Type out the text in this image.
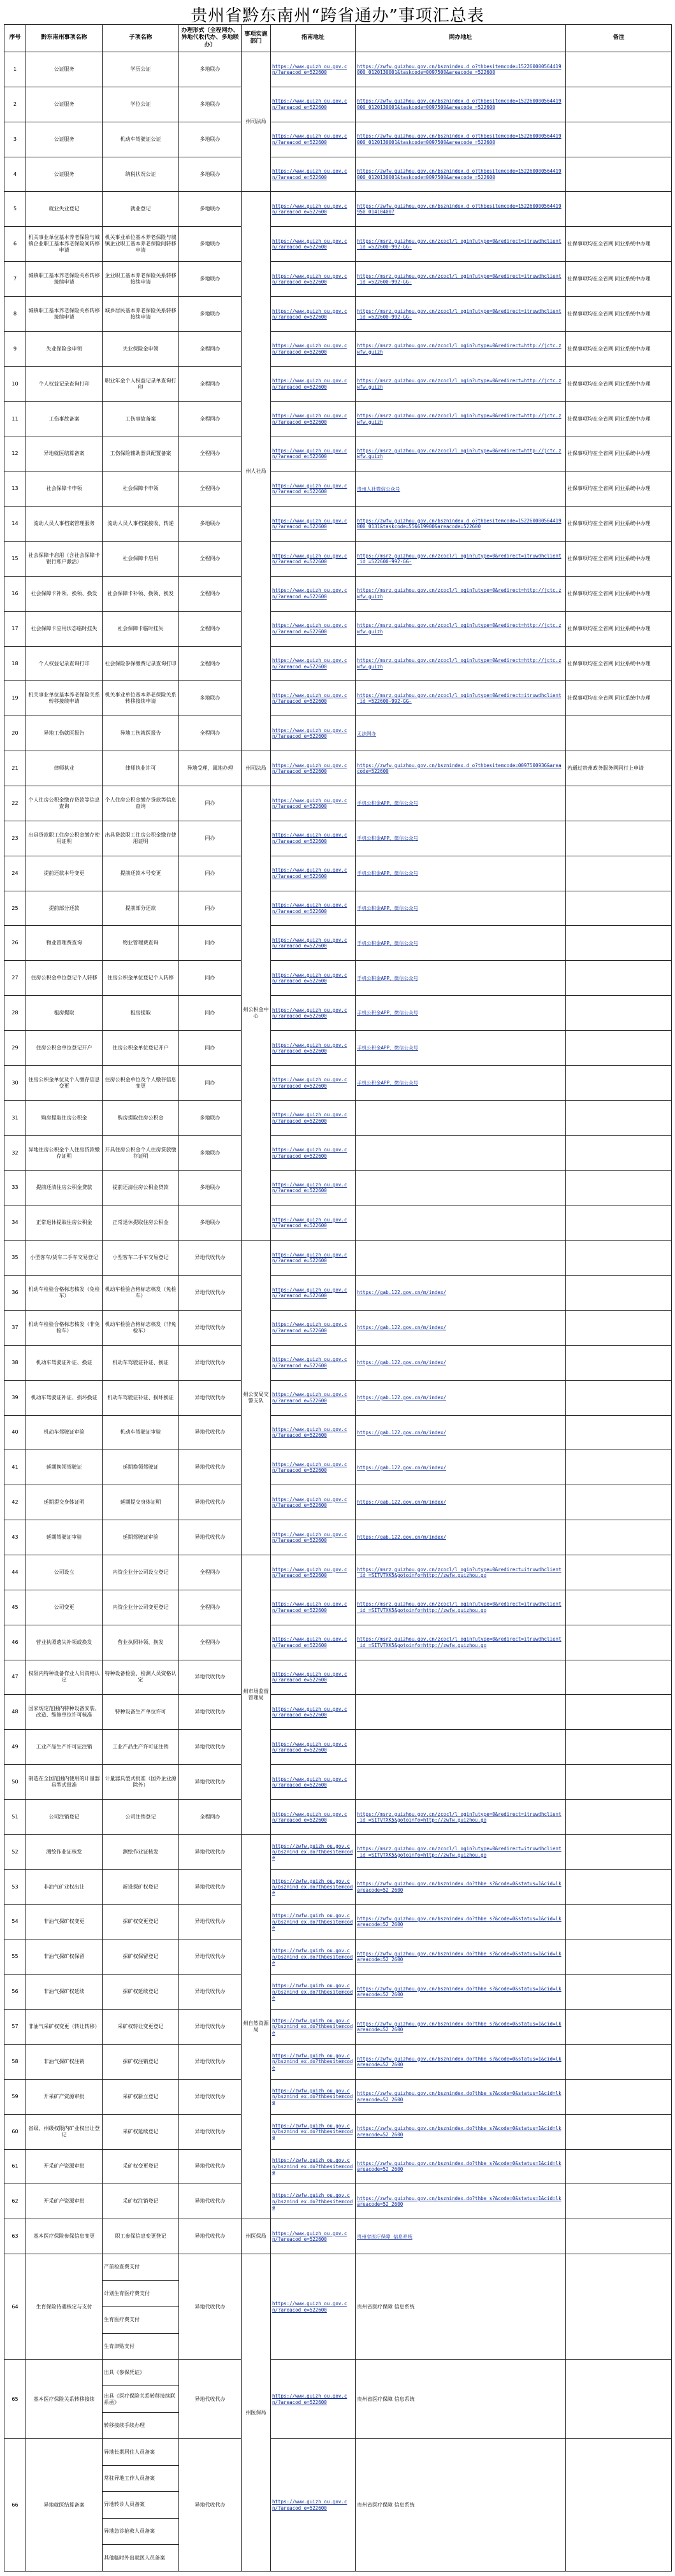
贵州省黔东南州“跨省通办”事项汇总表
序号	黔东南州事项名称	子项名称	办理形式（全程网办、异地代收代办、多地联办）	事项实施部门	指南地址	网办地址	备注
1	公证服务	学历公证	多地联办	州司法局	https://www.guizh ou.gov.cn/?areacod e=522600	https://zwfw.guizhou.gov.cn/bsznindex.d o?thbesitemcode=152260000564419000 0120130001&taskcode=0097500&areacode =522600	
2	公证服务	学位公证	多地联办		https://www.guizh ou.gov.cn/?areacod e=522600	https://zwfw.guizhou.gov.cn/bsznindex.d o?thbesitemcode=152260000564419000 0120130001&taskcode=0097500&areacode =522600	
3	公证服务	机动车驾驶证公证	多地联办		https://www.guizh ou.gov.cn/?areacod e=522600	https://zwfw.guizhou.gov.cn/bsznindex.d o?thbesitemcode=152260000564419000 0120130001&taskcode=0097500&areacode =522600	
4	公证服务	纳税状况公证	多地联办		https://www.guizh ou.gov.cn/?areacod e=522600	https://zwfw.guizhou.gov.cn/bsznindex.d o?thbesitemcode=152260000564419000 0120130001&taskcode=0097500&areacode =522600	
5	就业失业登记	就业登记	多地联办	州人社局	https://www.guizh ou.gov.cn/?areacod e=522600	https://zwfw.guizhou.gov.cn/bsznindex.d o?thbesitemcode=152260000564419950 014104007	
6	机关事业单位基本养老保险与城镇企业职工基本养老保险间转移申请	机关事业单位基本养老保险与城镇企业职工基本养老保险间转移申请	多地联办		https://www.guizh ou.gov.cn/?areacod e=522600	https://msrz.guizhou.gov.cn/zcocl/l ogin?utype=0&redirect=itruwdhclient_id =522600-992-GG-	社保事项均在全省网 同业系统中办理
7	城镇职工基本养老保险关系转移接续申请	企业职工基本养老保险关系转移接续申请	多地联办		https://www.guizh ou.gov.cn/?areacod e=522600	https://msrz.guizhou.gov.cn/zcocl/l ogin?utype=0&redirect=itruwdhclient_id =522600-992-GG-	社保事项均在全省网 同业系统中办理
8	城镇职工基本养老保险关系转移接续申请	城乡居民基本养老保险关系转移接续申请	多地联办		https://www.guizh ou.gov.cn/?areacod e=522600	https://msrz.guizhou.gov.cn/zcocl/l ogin?utype=0&redirect=itruwdhclient_id =522600-992-GG-	社保事项均在全省网 同业系统中办理
9	失业保险金申领	失业保险金申领	全程网办		https://www.guizh ou.gov.cn/?areacod e=522600	https://msrz.guizhou.gov.cn/zcocl/l ogin?utype=0&redirect=http://jctc.zwfw.guizh	社保事项均在全省网 同业系统中办理
10	个人权益记录查询打印	职业年金个人权益记录单查询打印	全程网办		https://www.guizh ou.gov.cn/?areacod e=522600	https://msrz.guizhou.gov.cn/zcocl/l ogin?utype=0&redirect=http://jctc.zwfw.guizh	社保事项均在全省网 同业系统中办理
11	工伤事故备案	工伤事故备案	全程网办		https://www.guizh ou.gov.cn/?areacod e=522600	https://msrz.guizhou.gov.cn/zcocl/l ogin?utype=0&redirect=http://jctc.zwfw.guizh	社保事项均在全省网 同业系统中办理
12	异地就医结算备案	工伤保险辅助器具配置备案	全程网办		https://www.guizh ou.gov.cn/?areacod e=522600	https://msrz.guizhou.gov.cn/zcocl/l ogin?utype=0&redirect=http://jctc.zwfw.guizh	社保事项均在全省网 同业系统中办理
13	社会保障卡申领	社会保障卡申领	全程网办		https://www.guizh ou.gov.cn/?areacod e=522600	贵州人社微信公众号	社保事项均在全省网 同业系统中办理
14	流动人员人事档案管理服务	流动人员人事档案接收、转递	多地联办		https://www.guizh ou.gov.cn/?areacod e=522600	https://zwfw.guizhou.gov.cn/bsznindex.d o?thbesitemcode=152260000564419000 0131&taskcode=556619900&areacode=522600	社保事项均在全省网 同业系统中办理
15	社会保障卡启用（含社会保障卡银行账户激活）	社会保障卡启用	全程网办		https://www.guizh ou.gov.cn/?areacod e=522600	https://msrz.guizhou.gov.cn/zcocl/l ogin?utype=0&redirect=itruwdhclient_id =522600-992-GG-	社保事项均在全省网 同业系统中办理
16	社会保障卡补领、换领、换发	社会保障卡补领、换领、换发	全程网办		https://www.guizh ou.gov.cn/?areacod e=522600	https://msrz.guizhou.gov.cn/zcocl/l ogin?utype=0&redirect=http://jctc.zwfw.guizh	社保事项均在全省网 同业系统中办理
17	社会保障卡应用状态临时挂失	社会保障卡临时挂失	全程网办		https://www.guizh ou.gov.cn/?areacod e=522600	https://msrz.guizhou.gov.cn/zcocl/l ogin?utype=0&redirect=http://jctc.zwfw.guizh	社保事项均在全省网 同业系统中办理
18	个人权益记录查询打印	社会保险参保缴费记录查询打印	全程网办		https://www.guizh ou.gov.cn/?areacod e=522600	https://msrz.guizhou.gov.cn/zcocl/l ogin?utype=0&redirect=http://jctc.zwfw.guizh	社保事项均在全省网 同业系统中办理
19	机关事业单位基本养老保险关系转移接续申请	机关事业单位基本养老保险关系转移接续申请	多地联办		https://www.guizh ou.gov.cn/?areacod e=522600	https://msrz.guizhou.gov.cn/zcocl/l ogin?utype=0&redirect=itruwdhclient_id =522600-992-GG-	社保事项均在全省网 同业系统中办理
20	异地工伤就医报告	异地工伤就医报告	全程网办		https://www.guizh ou.gov.cn/?areacod e=522600	无法网办	
21	律师执业	律师执业许可	异地受理，属地办理	州司法局	https://www.guizh ou.gov.cn/?areacod e=522600	https://zwfw.guizhou.gov.cn/bsznindex.d o?thbesitemcode=0097500936&areacode=522600	若通过贵州政务服务网同行上申请
22	个人住房公积金缴存贷款等信息查询	个人住房公积金缴存贷款等信息查询	同办	州公积金中心	https://www.guizh ou.gov.cn/?areacod e=522600	手机公积金APP、微信公众号	
23	出具贷款职工住房公积金缴存使用证明	出具贷款职工住房公积金缴存使用证明	同办		https://www.guizh ou.gov.cn/?areacod e=522600	手机公积金APP、微信公众号	
24	提前还款本号变更	提前还款本号变更	同办		https://www.guizh ou.gov.cn/?areacod e=522600	手机公积金APP、微信公众号	
25	提前部分还款	提前部分还款	同办		https://www.guizh ou.gov.cn/?areacod e=522600	手机公积金APP、微信公众号	
26	物业管理费查询	物业管理费查询	同办		https://www.guizh ou.gov.cn/?areacod e=522600	手机公积金APP、微信公众号	
27	住房公积金单位登记个人转移	住房公积金单位登记个人转移	同办		https://www.guizh ou.gov.cn/?areacod e=522600	手机公积金APP、微信公众号	
28	租房提取	租房提取	同办		https://www.guizh ou.gov.cn/?areacod e=522600	手机公积金APP、微信公众号	
29	住房公积金单位登记开户	住房公积金单位登记开户	同办		https://www.guizh ou.gov.cn/?areacod e=522600	手机公积金APP、微信公众号	
30	住房公积金单位及个人缴存信息变更	住房公积金单位及个人缴存信息变更	同办		https://www.guizh ou.gov.cn/?areacod e=522600	手机公积金APP、微信公众号	
31	购房提取住房公积金	购房提取住房公积金	多地联办		https://www.guizh ou.gov.cn/?areacod e=522600		
32	异地住房公积金个人住房贷款缴存证明	开具住房公积金个人住房贷款缴存证明	多地联办		https://www.guizh ou.gov.cn/?areacod e=522600		
33	提前还清住房公积金贷款	提前还清住房公积金贷款	多地联办		https://www.guizh ou.gov.cn/?areacod e=522600		
34	正常退休提取住房公积金	正常退休提取住房公积金	多地联办		https://www.guizh ou.gov.cn/?areacod e=522600		
35	小型客车/货车二手车交易登记	小型客车二手车交易登记	异地代收代办	州公安局交警支队	https://www.guizh ou.gov.cn/?areacod e=522600		
36	机动车检验合格标志核发（免检车）	机动车检验合格标志核发（免检车）	异地代收代办		https://www.guizh ou.gov.cn/?areacod e=522600	https://gab.122.gov.cn/m/index/	
37	机动车检验合格标志核发（非免检车）	机动车检验合格标志核发（非免检车）	异地代收代办		https://www.guizh ou.gov.cn/?areacod e=522600	https://gab.122.gov.cn/m/index/	
38	机动车驾驶证补证、换证	机动车驾驶证补证、换证	异地代收代办		https://www.guizh ou.gov.cn/?areacod e=522600	https://gab.122.gov.cn/m/index/	
39	机动车驾驶证补证、损坏换证	机动车驾驶证补证、损坏换证	异地代收代办		https://www.guizh ou.gov.cn/?areacod e=522600	https://gab.122.gov.cn/m/index/	
40	机动车驾驶证审验	机动车驾驶证审验	异地代收代办		https://www.guizh ou.gov.cn/?areacod e=522600	https://gab.122.gov.cn/m/index/	
41	延期换领驾驶证	延期换领驾驶证	异地代收代办		https://www.guizh ou.gov.cn/?areacod e=522600	https://gab.122.gov.cn/m/index/	
42	延期提交身体证明	延期提交身体证明	异地代收代办		https://www.guizh ou.gov.cn/?areacod e=522600	https://gab.122.gov.cn/m/index/	
43	延期驾驶证审验	延期驾驶证审验	异地代收代办		https://www.guizh ou.gov.cn/?areacod e=522600	https://gab.122.gov.cn/m/index/	
44	公司设立	内资企业分公司设立登记	全程网办	州市场监督管理局	https://www.guizh ou.gov.cn/?areacod e=522600	https://msrz.guizhou.gov.cn/zcocl/l ogin?utype=0&redirect=itruwdhclient_id =SITVTXK5&gotoinfo=http://zwfw.guizhou.go	
45	公司变更	内资企业分公司变更登记	全程网办		https://www.guizh ou.gov.cn/?areacod e=522600	https://msrz.guizhou.gov.cn/zcocl/l ogin?utype=0&redirect=itruwdhclient_id =SITVTXK5&gotoinfo=http://zwfw.guizhou.go	
46	营业执照遗失补领或换发	营业执照补领、换发	全程网办		https://www.guizh ou.gov.cn/?areacod e=522600	https://msrz.guizhou.gov.cn/zcocl/l ogin?utype=0&redirect=itruwdhclient_id =SITVTXK5&gotoinfo=http://zwfw.guizhou.go	
47	权限内特种设备作业人员资格认定	特种设备检验、检测人员资格认定	异地代收代办		https://www.guizh ou.gov.cn/?areacod e=522600		
48	国家规定范围内特种设备安装、改造、维修单位许可核准	特种设备生产单位许可	异地代收代办		https://www.guizh ou.gov.cn/?areacod e=522600		
49	工业产品生产许可证注销	工业产品生产许可证注销	异地代收代办		https://www.guizh ou.gov.cn/?areacod e=522600		
50	制造在全国范围内使用的计量器具型式批准	计量器具型式批准（国外企业源除外）	异地代收代办		https://www.guizh ou.gov.cn/?areacod e=522600		
51	公司注销登记	公司注销登记	全程网办		https://www.guizh ou.gov.cn/?areacod e=522600	https://msrz.guizhou.gov.cn/zcocl/l ogin?utype=0&redirect=itruwdhclient_id =SITVTXK5&gotoinfo=http://zwfw.guizhou.go	
52	测绘作业证核发	测绘作业证核发	异地代收代办	州自然资源局	https://zwfw.guizh ou.gov.cn/bsznind ex.do?thbesitemcode	https://msrz.guizhou.gov.cn/zcocl/l ogin?utype=0&redirect=itruwdhclient_id =SITVTXK5&gotoinfo=http://zwfw.guizhou.go	
53	非油气矿业权出让	新设探矿权登记	异地代收代办		https://zwfw.guizh ou.gov.cn/bsznind ex.do?thbesitemcode	https://zwfw.guizhou.gov.cn/bsznindex.do?thbe s?&code=0&status=1&cid=lkareacode=52 2600	
54	非油气探矿权变更	探矿权变更登记	异地代收代办		https://zwfw.guizh ou.gov.cn/bsznind ex.do?thbesitemcode	https://zwfw.guizhou.gov.cn/bsznindex.do?thbe s?&code=0&status=1&cid=lkareacode=52 2600	
55	非油气探矿权保留	探矿权保留登记	异地代收代办		https://zwfw.guizh ou.gov.cn/bsznind ex.do?thbesitemcode	https://zwfw.guizhou.gov.cn/bsznindex.do?thbe s?&code=0&status=1&cid=lkareacode=52 2600	
56	非油气探矿权延续	探矿权延续登记	异地代收代办		https://zwfw.guizh ou.gov.cn/bsznind ex.do?thbesitemcode	https://zwfw.guizhou.gov.cn/bsznindex.do?thbe s?&code=0&status=1&cid=lkareacode=52 2600	
57	非油气采矿权变更（转让转移）	采矿权转让变更登记	异地代收代办		https://zwfw.guizh ou.gov.cn/bsznind ex.do?thbesitemcode	https://zwfw.guizhou.gov.cn/bsznindex.do?thbe s?&code=0&status=1&cid=lkareacode=52 2600	
58	非油气探矿权注销	探矿权注销登记	异地代收代办		https://zwfw.guizh ou.gov.cn/bsznind ex.do?thbesitemcode	https://zwfw.guizhou.gov.cn/bsznindex.do?thbe s?&code=0&status=1&cid=lkareacode=52 2600	
59	开采矿产资源审批	采矿权新立登记	异地代收代办		https://zwfw.guizh ou.gov.cn/bsznind ex.do?thbesitemcode	https://zwfw.guizhou.gov.cn/bsznindex.do?thbe s?&code=0&status=1&cid=lkareacode=52 2600	
60	省级、州级权限内矿业权出让登记	采矿权延续登记	异地代收代办		https://zwfw.guizh ou.gov.cn/bsznind ex.do?thbesitemcode	https://zwfw.guizhou.gov.cn/bsznindex.do?thbe s?&code=0&status=1&cid=lkareacode=52 2600	
61	开采矿产资源审批	采矿权变更登记	异地代收代办		https://zwfw.guizh ou.gov.cn/bsznind ex.do?thbesitemcode	https://zwfw.guizhou.gov.cn/bsznindex.do?thbe s?&code=0&status=1&cid=lkareacode=52 2600	
62	开采矿产资源审批	采矿权注销登记	异地代收代办		https://zwfw.guizh ou.gov.cn/bsznind ex.do?thbesitemcode	https://zwfw.guizhou.gov.cn/bsznindex.do?thbe s?&code=0&status=1&cid=lkareacode=52 2600	
63	基本医疗保险参保信息变更	职工参保信息变更登记	异地代收代办	州医保局	https://www.guizh ou.gov.cn/?areacod e=522600	贵州省医疗保障 信息系统	
64	生育保险待遇核定与支付	产前检查费支付	异地代收代办	州医保局	https://www.guizh ou.gov.cn/?areacod e=522600	贵州省医疗保障 信息系统	
		计划生育医疗费支付					
		生育医疗费支付					
		生育津贴支付					
65	基本医疗保险关系转移接续	出具《参保凭证》	异地代收代办		https://www.guizh ou.gov.cn/?areacod e=522600	贵州省医疗保障 信息系统	
		出具《医疗保险关系转移接续联系函》					
		转移接续手续办理					
66	异地就医结算备案	异地长期居住人员备案	异地代收代办		https://www.guizh ou.gov.cn/?areacod e=522600	贵州省医疗保障 信息系统	
		常驻异地工作人员备案					
		异地转诊人员备案					
		异地急诊抢救人员备案					
		其他临时外出就医人员备案					
